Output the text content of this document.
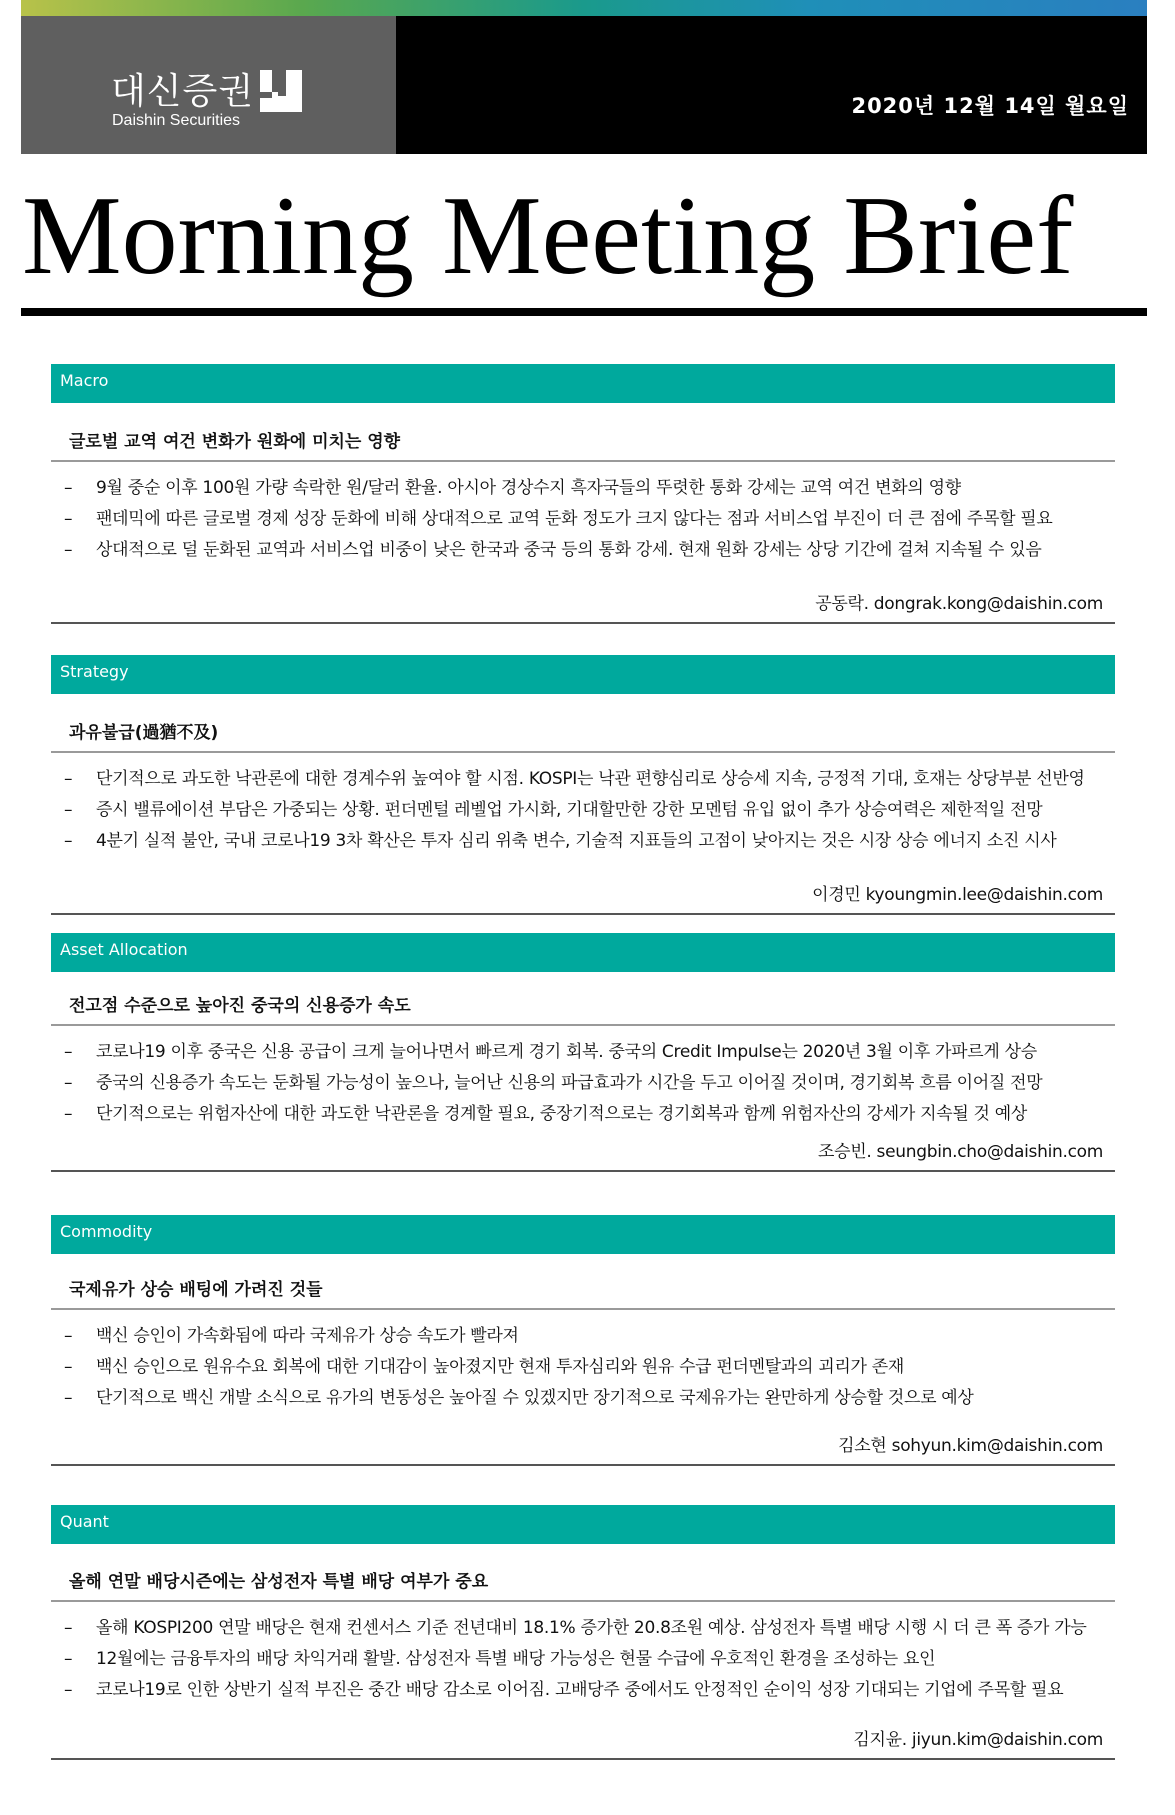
대신증권
Daishin Securities
2020년 12월 14일 월요일
Morning Meeting Brief
Macro
글로벌 교역 여건 변화가 원화에 미치는 영향
– 9월 중순 이후 100원 가량 속락한 원/달러 환율. 아시아 경상수지 흑자국들의 뚜렷한 통화 강세는 교역 여건 변화의 영향
– 팬데믹에 따른 글로벌 경제 성장 둔화에 비해 상대적으로 교역 둔화 정도가 크지 않다는 점과 서비스업 부진이 더 큰 점에 주목할 필요
– 상대적으로 덜 둔화된 교역과 서비스업 비중이 낮은 한국과 중국 등의 통화 강세. 현재 원화 강세는 상당 기간에 걸쳐 지속될 수 있음
공동락. dongrak.kong@daishin.com
Strategy
과유불급(過猶不及)
– 단기적으로 과도한 낙관론에 대한 경계수위 높여야 할 시점. KOSPI는 낙관 편향심리로 상승세 지속, 긍정적 기대, 호재는 상당부분 선반영
– 증시 밸류에이션 부담은 가중되는 상황. 펀더멘털 레벨업 가시화, 기대할만한 강한 모멘텀 유입 없이 추가 상승여력은 제한적일 전망
– 4분기 실적 불안, 국내 코로나19 3차 확산은 투자 심리 위축 변수, 기술적 지표들의 고점이 낮아지는 것은 시장 상승 에너지 소진 시사
이경민 kyoungmin.lee@daishin.com
Asset Allocation
전고점 수준으로 높아진 중국의 신용증가 속도
– 코로나19 이후 중국은 신용 공급이 크게 늘어나면서 빠르게 경기 회복. 중국의 Credit Impulse는 2020년 3월 이후 가파르게 상승
– 중국의 신용증가 속도는 둔화될 가능성이 높으나, 늘어난 신용의 파급효과가 시간을 두고 이어질 것이며, 경기회복 흐름 이어질 전망
– 단기적으로는 위험자산에 대한 과도한 낙관론을 경계할 필요, 중장기적으로는 경기회복과 함께 위험자산의 강세가 지속될 것 예상
조승빈. seungbin.cho@daishin.com
Commodity
국제유가 상승 배팅에 가려진 것들
– 백신 승인이 가속화됨에 따라 국제유가 상승 속도가 빨라져
– 백신 승인으로 원유수요 회복에 대한 기대감이 높아졌지만 현재 투자심리와 원유 수급 펀더멘탈과의 괴리가 존재
– 단기적으로 백신 개발 소식으로 유가의 변동성은 높아질 수 있겠지만 장기적으로 국제유가는 완만하게 상승할 것으로 예상
김소현 sohyun.kim@daishin.com
Quant
올해 연말 배당시즌에는 삼성전자 특별 배당 여부가 중요
– 올해 KOSPI200 연말 배당은 현재 컨센서스 기준 전년대비 18.1% 증가한 20.8조원 예상. 삼성전자 특별 배당 시행 시 더 큰 폭 증가 가능
– 12월에는 금융투자의 배당 차익거래 활발. 삼성전자 특별 배당 가능성은 현물 수급에 우호적인 환경을 조성하는 요인
– 코로나19로 인한 상반기 실적 부진은 중간 배당 감소로 이어짐. 고배당주 중에서도 안정적인 순이익 성장 기대되는 기업에 주목할 필요
김지윤. jiyun.kim@daishin.com
